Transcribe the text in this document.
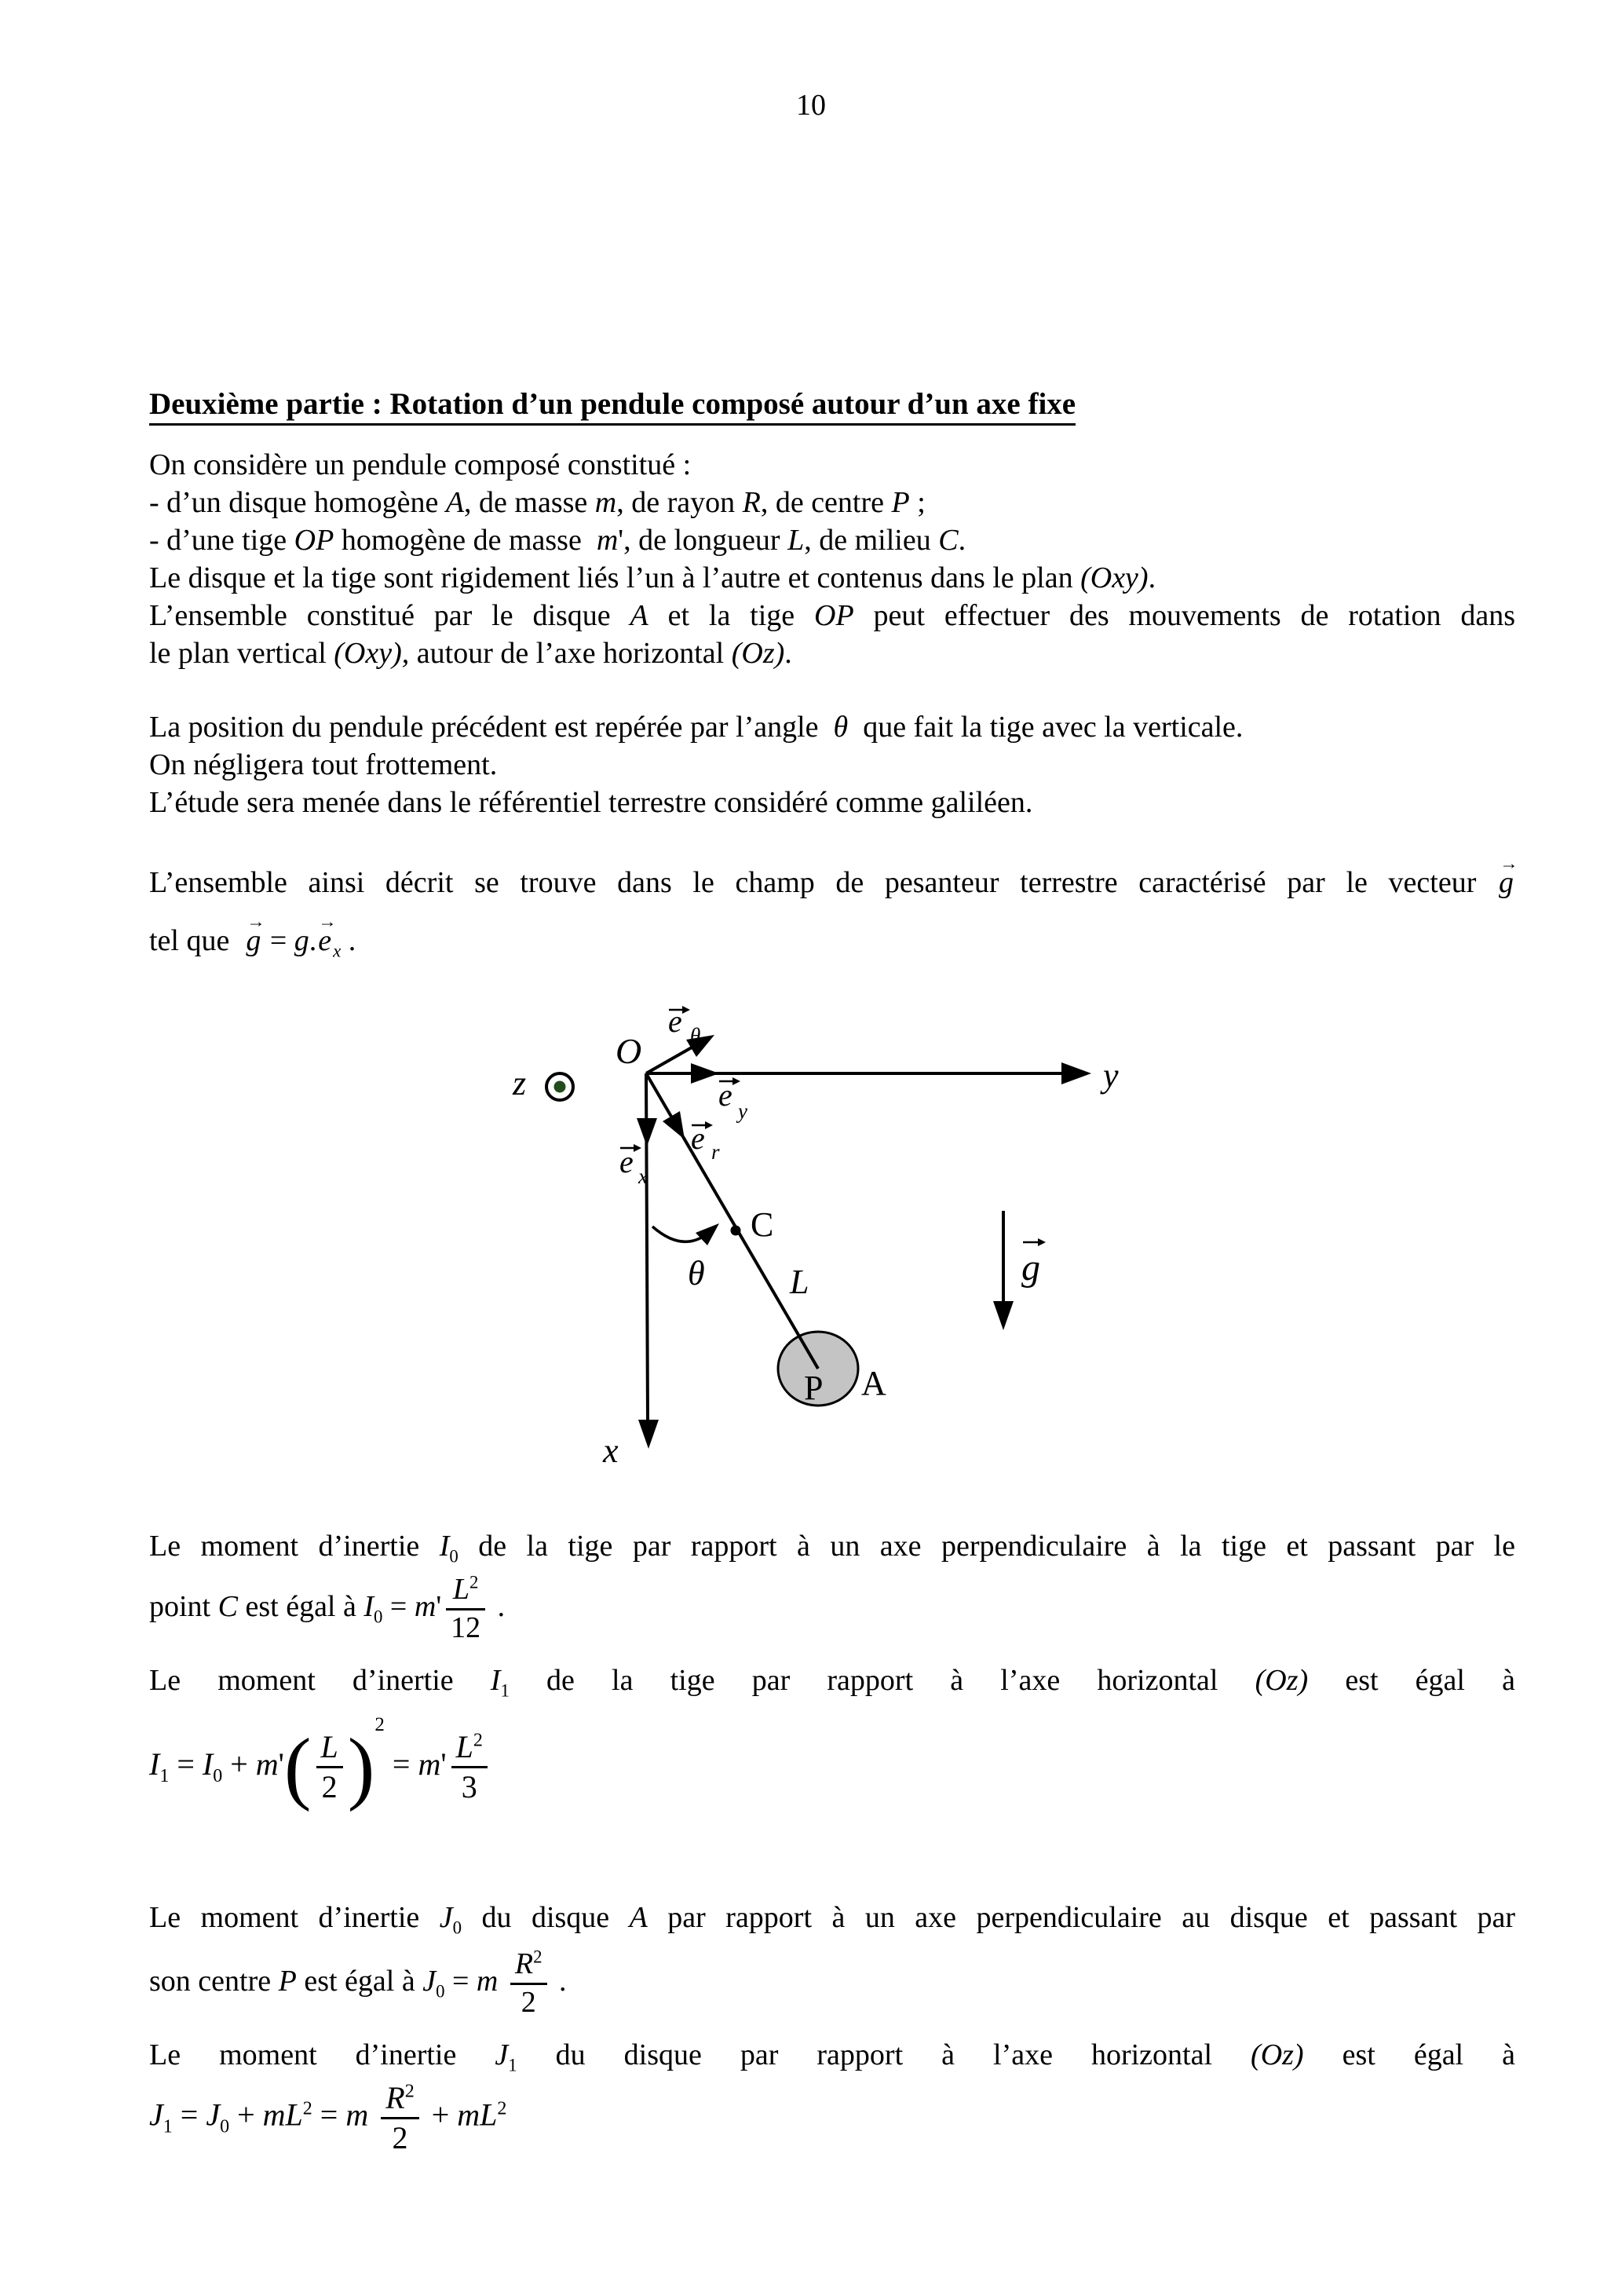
10
Deuxième partie : Rotation d’un pendule composé autour d’un axe fixe
On considère un pendule composé constitué :
- d’un disque homogène A, de masse m, de rayon R, de centre P ;
- d’une tige OP homogène de masse  m', de longueur L, de milieu C.
Le disque et la tige sont rigidement liés l’un à l’autre et contenus dans le plan (Oxy).
L’ensemble constitué par le disque A et la tige OP peut effectuer des mouvements de rotation dans
le plan vertical (Oxy), autour de l’axe horizontal (Oz).
La position du pendule précédent est repérée par l’angle  θ  que fait la tige avec la verticale.
On négligera tout frottement.
L’étude sera menée dans le référentiel terrestre considéré comme galiléen.
L’ensemble ainsi décrit se trouve dans le champ de pesanteur terrestre caractérisé par le vecteur → g
tel que  → $g = g.\to e_x$ .
O
z	y
x
e θ
e y
e r
e x
θ
C
L
P A
g
Le moment d’inertie $I_0$ de la tige par rapport à un axe perpendiculaire à la tige et passant par le
point C est égal à $I_0 = m' \frac{L^2}{12}$ .
Le moment d’inertie $I_1$ de la tige par rapport à l’axe horizontal (Oz) est égal à
$I_1 = I_0 + m'( \frac{L}{2} )^2 = m' \frac{L^2}{3}$
Le moment d’inertie $J_0$ du disque A par rapport à un axe perpendiculaire au disque et passant par
son centre P est égal à $J_0 = m \frac{R^2}{2}$ .
Le moment d’inertie $J_1$ du disque par rapport à l’axe horizontal (Oz) est égal à
$J_1 = J_0 + mL^2 = m \frac{R^2}{2} + mL^2$
